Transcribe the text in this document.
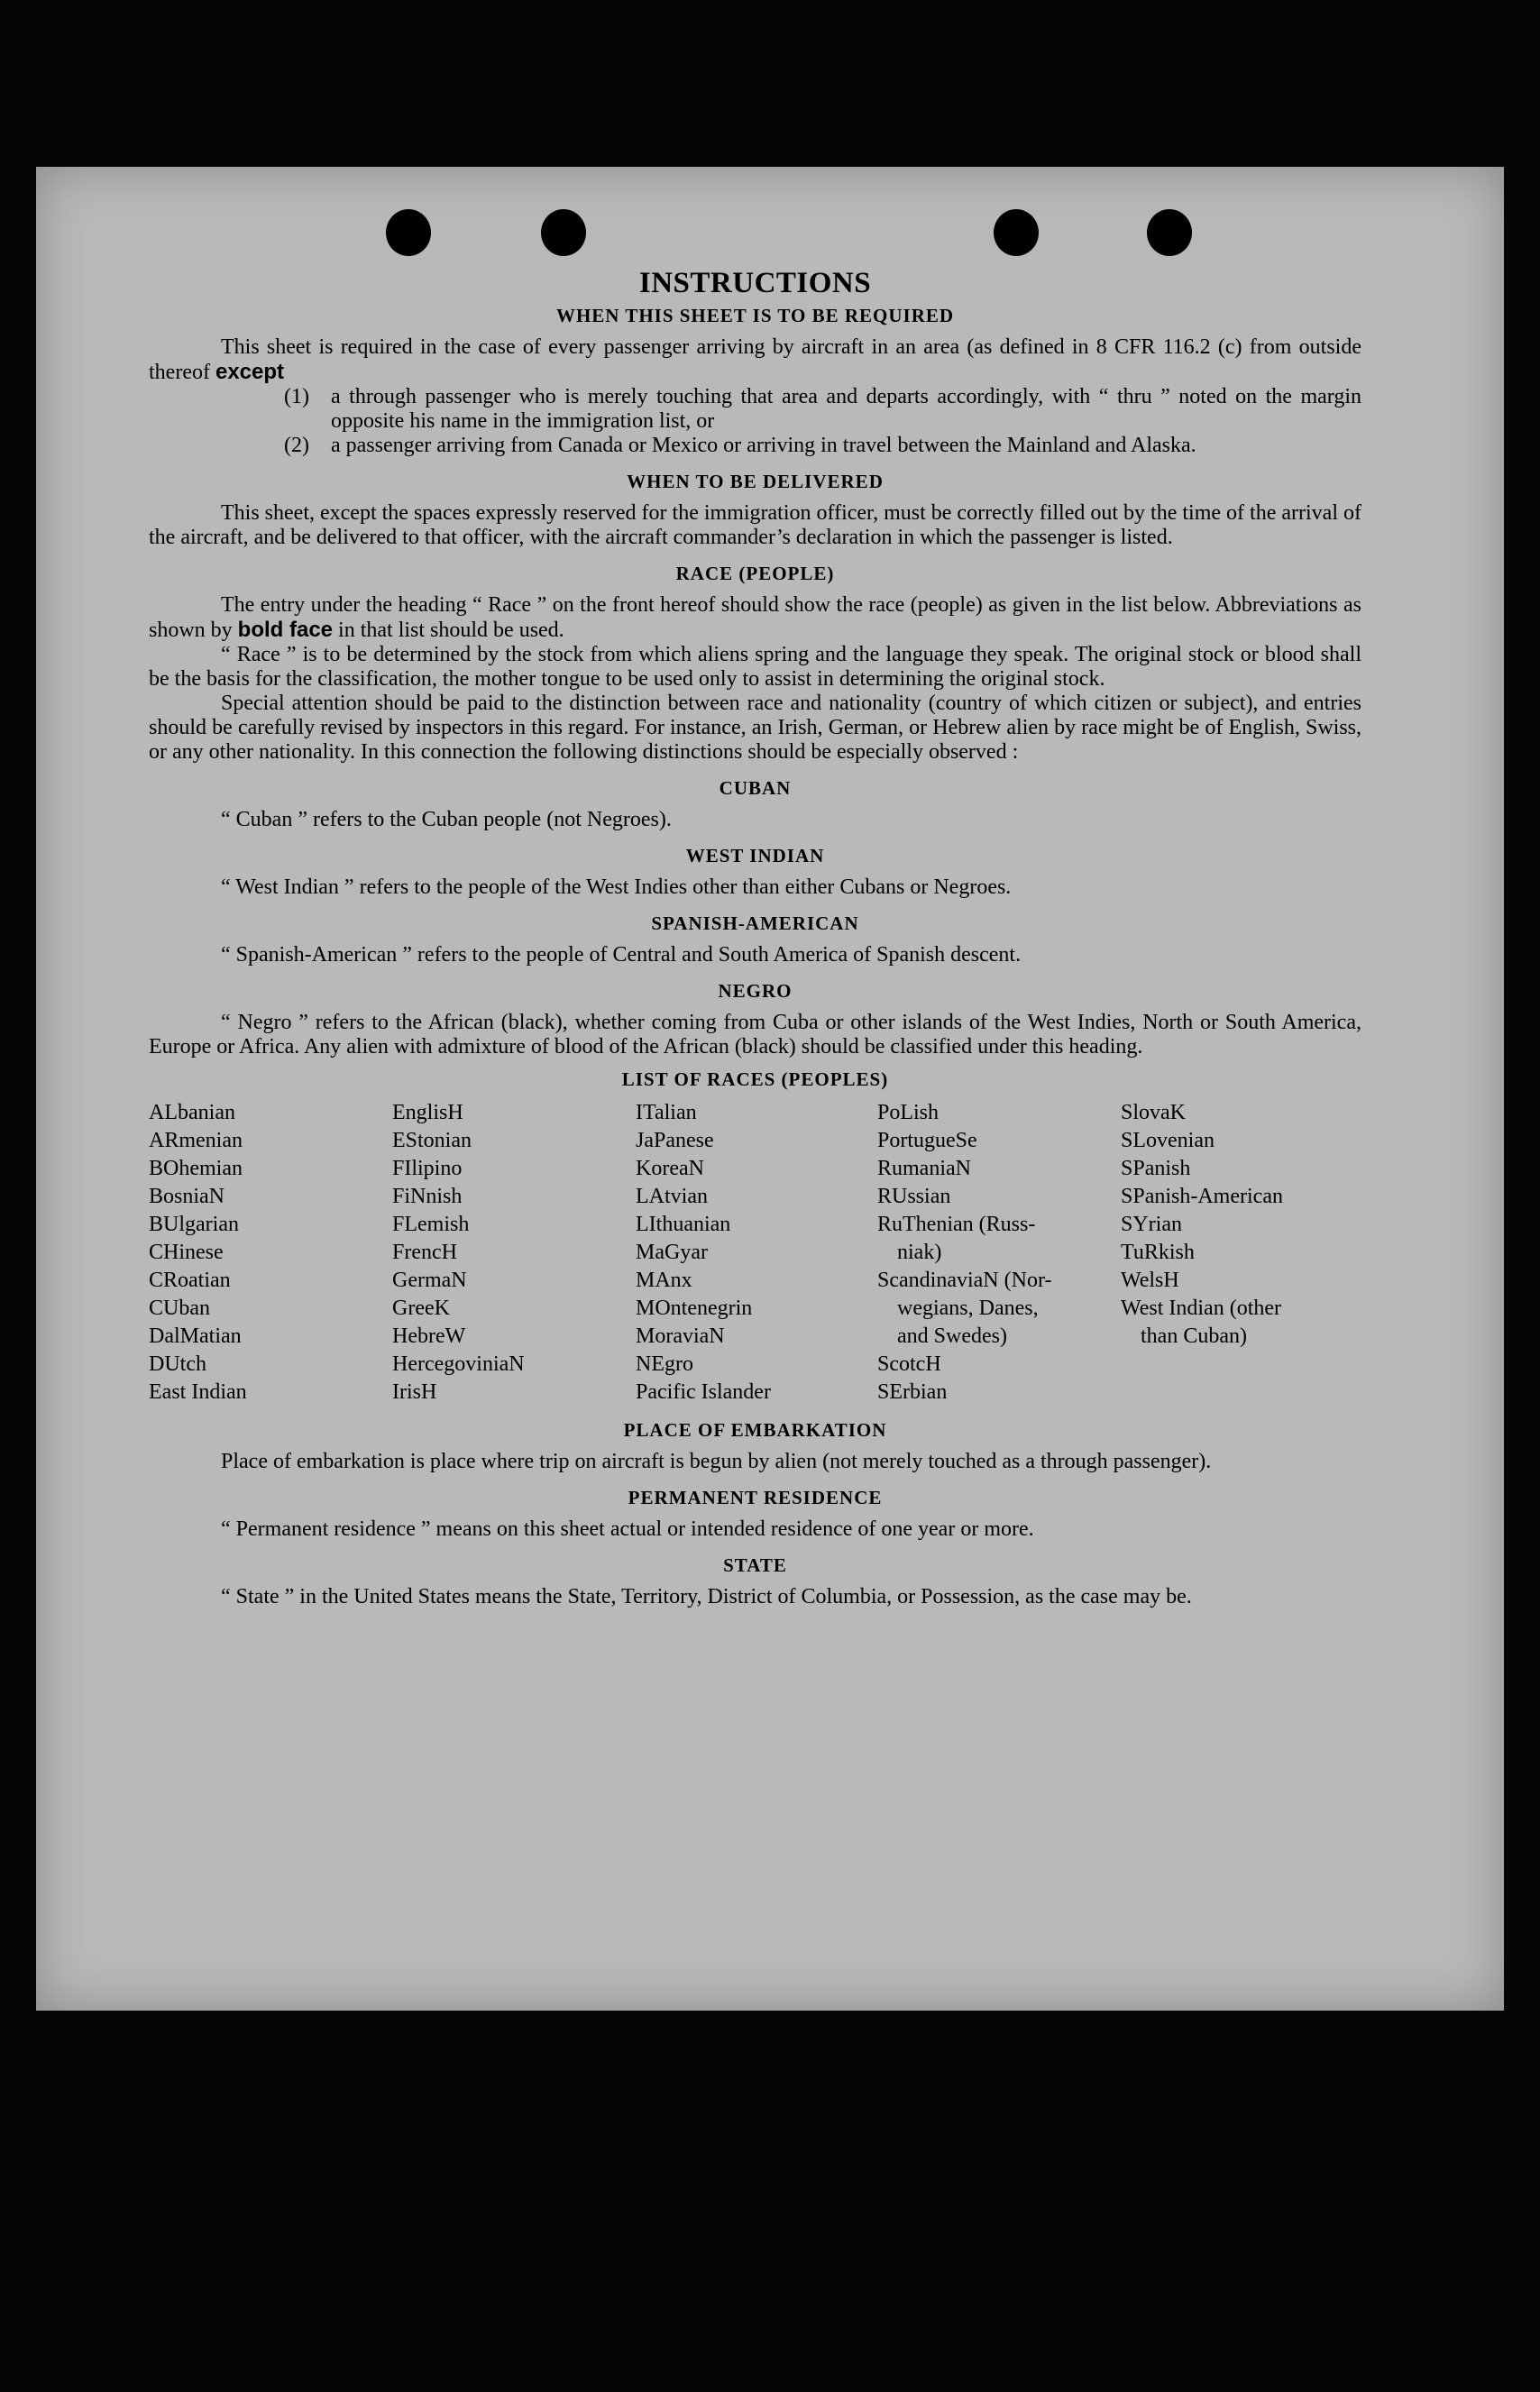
INSTRUCTIONS
WHEN THIS SHEET IS TO BE REQUIRED

This sheet is required in the case of every passenger arriving by aircraft in an area (as defined in 8 CFR 116.2 (c) from outside thereof except

(1)	a through passenger who is merely touching that area and departs accordingly, with “ thru ” noted on the margin opposite his name in the immigration list, or
(2)	a passenger arriving from Canada or Mexico or arriving in travel between the Mainland and Alaska.
WHEN TO BE DELIVERED

This sheet, except the spaces expressly reserved for the immigration officer, must be correctly filled out by the time of the arrival of the aircraft, and be delivered to that officer, with the aircraft commander’s declaration in which the passenger is listed.

RACE (PEOPLE)

The entry under the heading “ Race ” on the front hereof should show the race (people) as given in the list below. Abbreviations as shown by bold face in that list should be used.

“ Race ” is to be determined by the stock from which aliens spring and the language they speak. The original stock or blood shall be the basis for the classification, the mother tongue to be used only to assist in determining the original stock.

Special attention should be paid to the distinction between race and nationality (country of which citizen or subject), and entries should be carefully revised by inspectors in this regard. For instance, an Irish, German, or Hebrew alien by race might be of English, Swiss, or any other nationality. In this connection the following distinctions should be especially observed :

CUBAN

“ Cuban ” refers to the Cuban people (not Negroes).

WEST INDIAN

“ West Indian ” refers to the people of the West Indies other than either Cubans or Negroes.

SPANISH-AMERICAN

“ Spanish-American ” refers to the people of Central and South America of Spanish descent.

NEGRO

“ Negro ” refers to the African (black), whether coming from Cuba or other islands of the West Indies, North or South America, Europe or Africa. Any alien with admixture of blood of the African (black) should be classified under this heading.

LIST OF RACES (PEOPLES)
ALbanian
ARmenian
BOhemian
BosniaN
BUlgarian
CHinese
CRoatian
CUban
DalMatian
DUtch
East Indian
EnglisH
EStonian
FIlipino
FiNnish
FLemish
FrencH
GermaN
GreeK
HebreW
HercegoviniaN
IrisH
ITalian
JaPanese
KoreaN
LAtvian
LIthuanian
MaGyar
MAnx
MOntenegrin
MoraviaN
NEgro
Pacific Islander
PoLish
PortugueSe
RumaniaN
RUssian
RuThenian (Russ-
niak)
ScandinaviaN (Nor-
wegians, Danes,
and Swedes)
ScotcH
SErbian
SlovaK
SLovenian
SPanish
SPanish-American
SYrian
TuRkish
WelsH
West Indian (other
than Cuban)
PLACE OF EMBARKATION

Place of embarkation is place where trip on aircraft is begun by alien (not merely touched as a through passenger).

PERMANENT RESIDENCE

“ Permanent residence ” means on this sheet actual or intended residence of one year or more.

STATE

“ State ” in the United States means the State, Territory, District of Columbia, or Possession, as the case may be.
